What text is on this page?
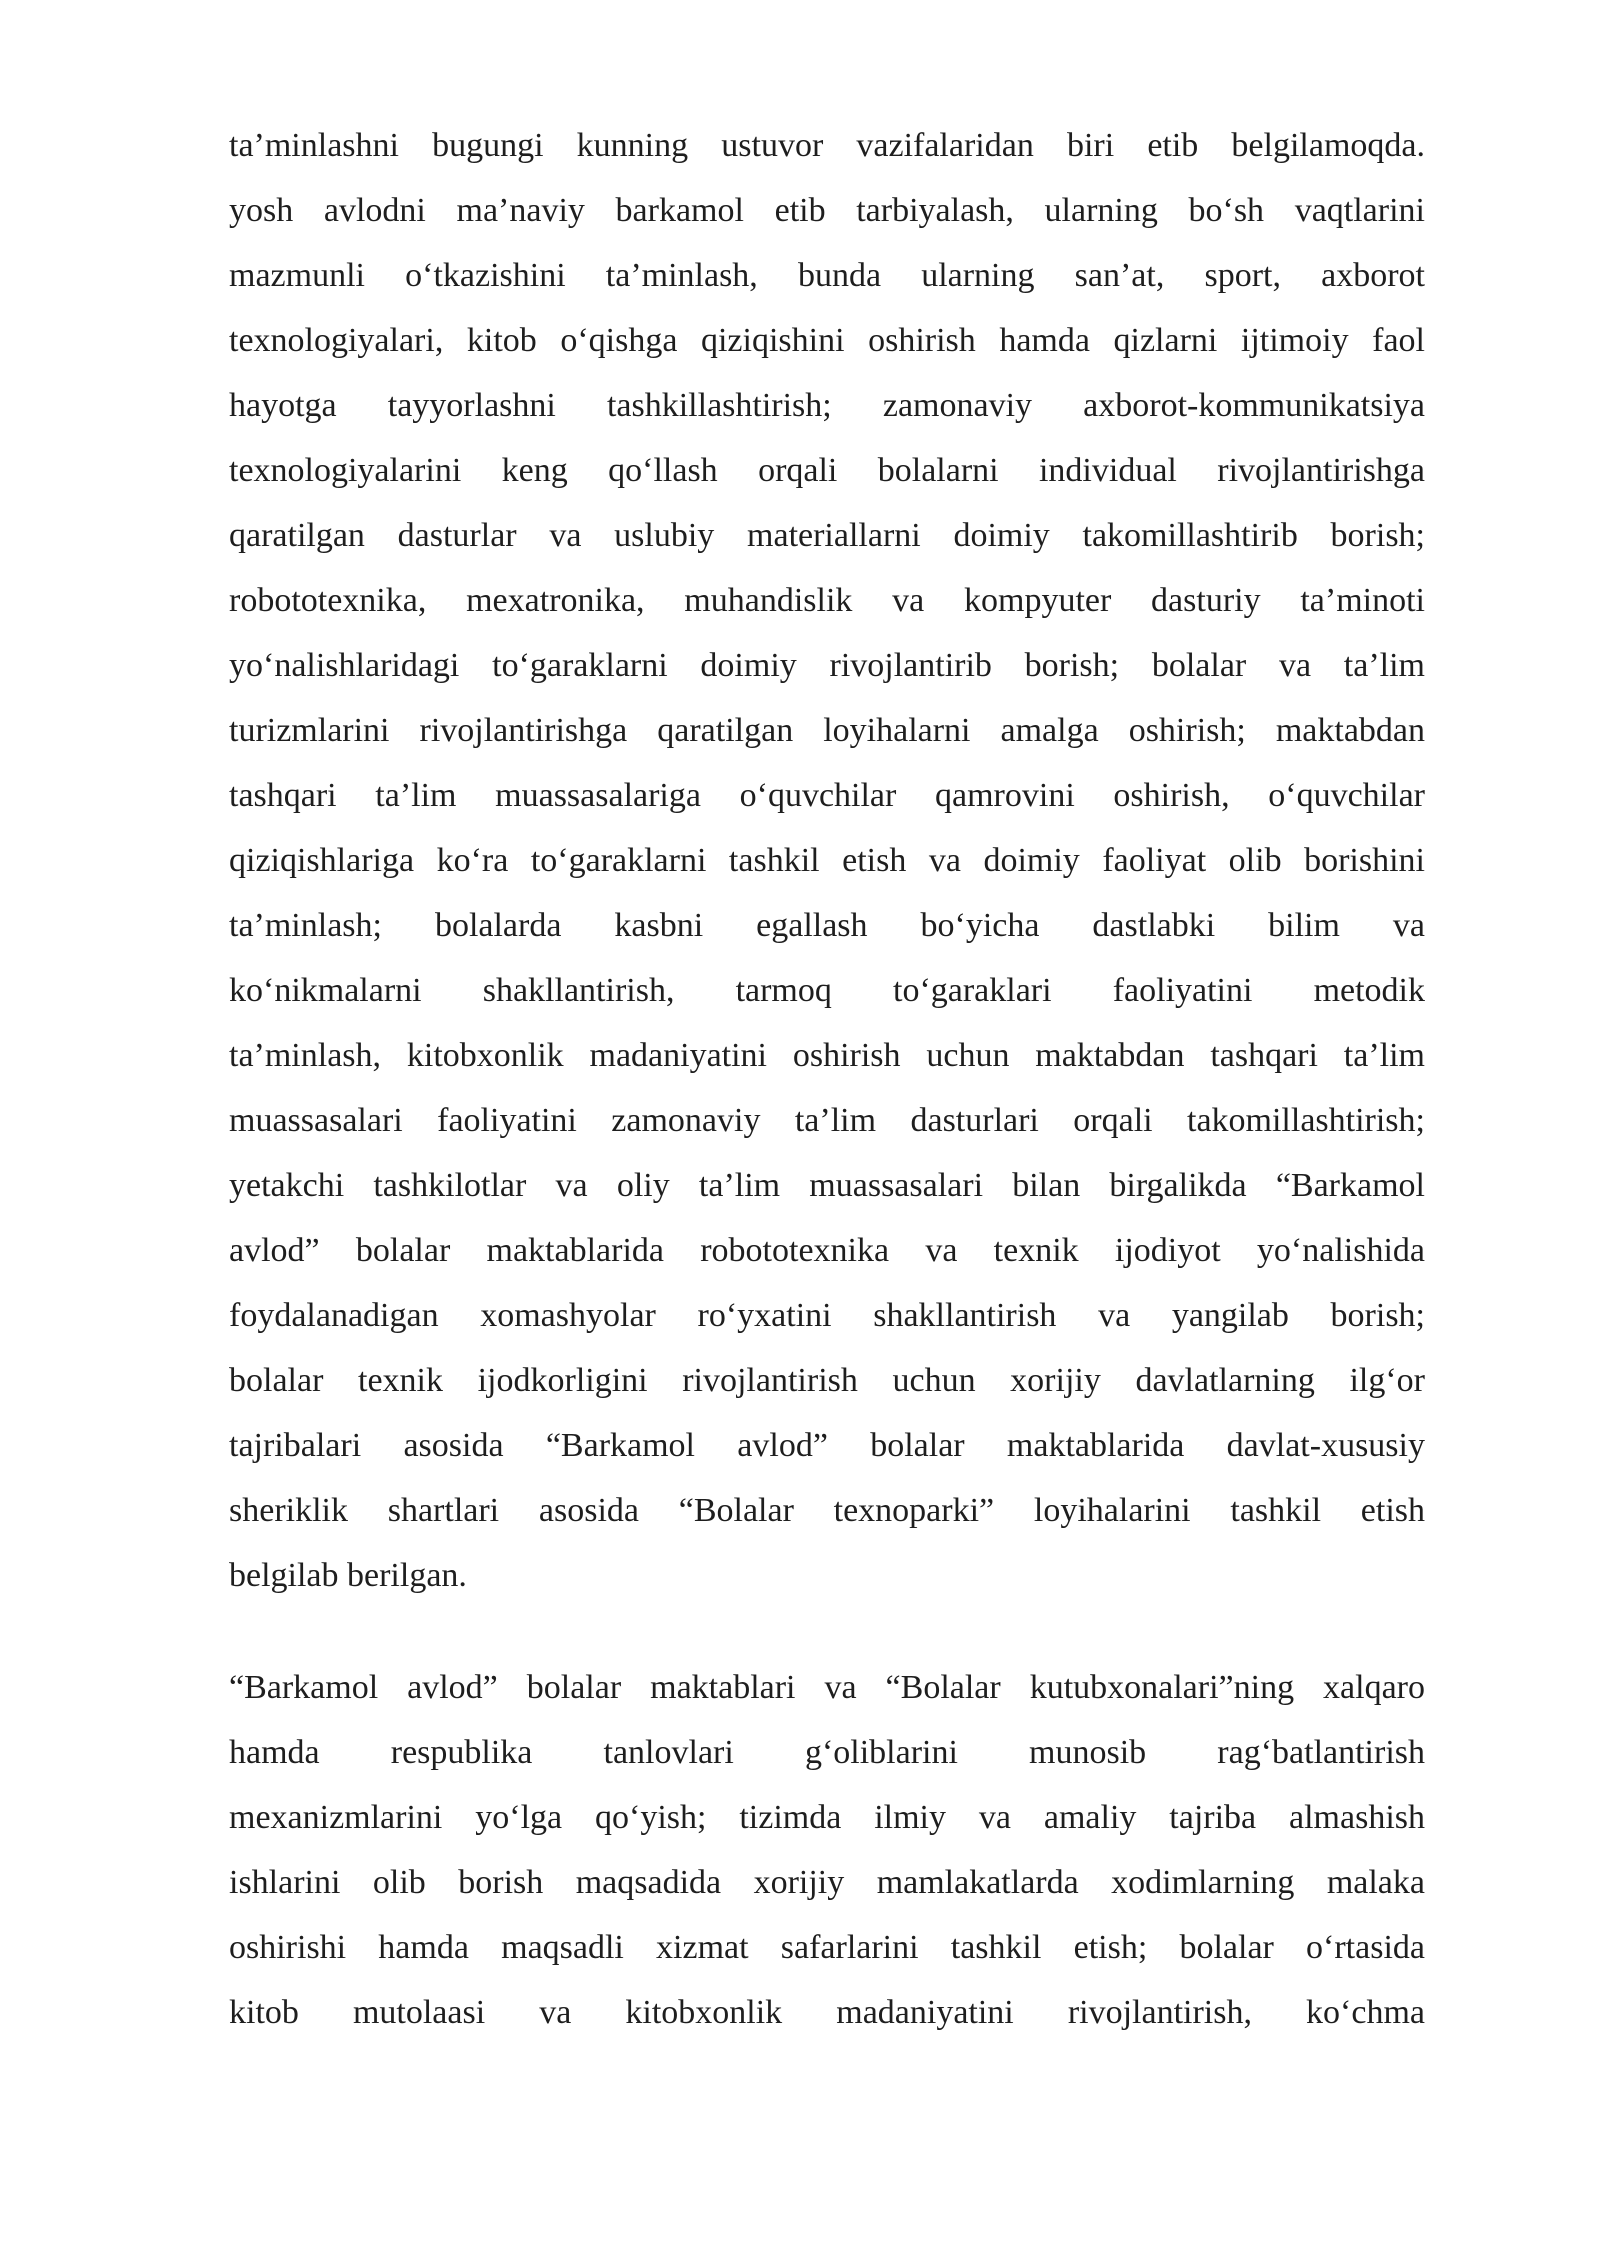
ta’minlashni bugungi kunning ustuvor vazifalaridan biri etib belgilamoqda.
yosh avlodni ma’naviy barkamol etib tarbiyalash, ularning bo‘sh vaqtlarini
mazmunli o‘tkazishini ta’minlash, bunda ularning san’at, sport, axborot
texnologiyalari, kitob o‘qishga qiziqishini oshirish hamda qizlarni ijtimoiy faol
hayotga tayyorlashni tashkillashtirish; zamonaviy axborot-kommunikatsiya
texnologiyalarini keng qo‘llash orqali bolalarni individual rivojlantirishga
qaratilgan dasturlar va uslubiy materiallarni doimiy takomillashtirib borish;
robototexnika, mexatronika, muhandislik va kompyuter dasturiy ta’minoti
yo‘nalishlaridagi to‘garaklarni doimiy rivojlantirib borish; bolalar va ta’lim
turizmlarini rivojlantirishga qaratilgan loyihalarni amalga oshirish; maktabdan
tashqari ta’lim muassasalariga o‘quvchilar qamrovini oshirish, o‘quvchilar
qiziqishlariga ko‘ra to‘garaklarni tashkil etish va doimiy faoliyat olib borishini
ta’minlash; bolalarda kasbni egallash bo‘yicha dastlabki bilim va
ko‘nikmalarni shakllantirish, tarmoq to‘garaklari faoliyatini metodik
ta’minlash, kitobxonlik madaniyatini oshirish uchun maktabdan tashqari ta’lim
muassasalari faoliyatini zamonaviy ta’lim dasturlari orqali takomillashtirish;
yetakchi tashkilotlar va oliy ta’lim muassasalari bilan birgalikda “Barkamol
avlod” bolalar maktablarida robototexnika va texnik ijodiyot yo‘nalishida
foydalanadigan xomashyolar ro‘yxatini shakllantirish va yangilab borish;
bolalar texnik ijodkorligini rivojlantirish uchun xorijiy davlatlarning ilg‘or
tajribalari asosida “Barkamol avlod” bolalar maktablarida davlat-xususiy
sheriklik shartlari asosida “Bolalar texnoparki” loyihalarini tashkil etish
belgilab berilgan.
“Barkamol avlod” bolalar maktablari va “Bolalar kutubxonalari”ning xalqaro
hamda respublika tanlovlari g‘oliblarini munosib rag‘batlantirish
mexanizmlarini yo‘lga qo‘yish; tizimda ilmiy va amaliy tajriba almashish
ishlarini olib borish maqsadida xorijiy mamlakatlarda xodimlarning malaka
oshirishi hamda maqsadli xizmat safarlarini tashkil etish; bolalar o‘rtasida
kitob mutolaasi va kitobxonlik madaniyatini rivojlantirish, ko‘chma
